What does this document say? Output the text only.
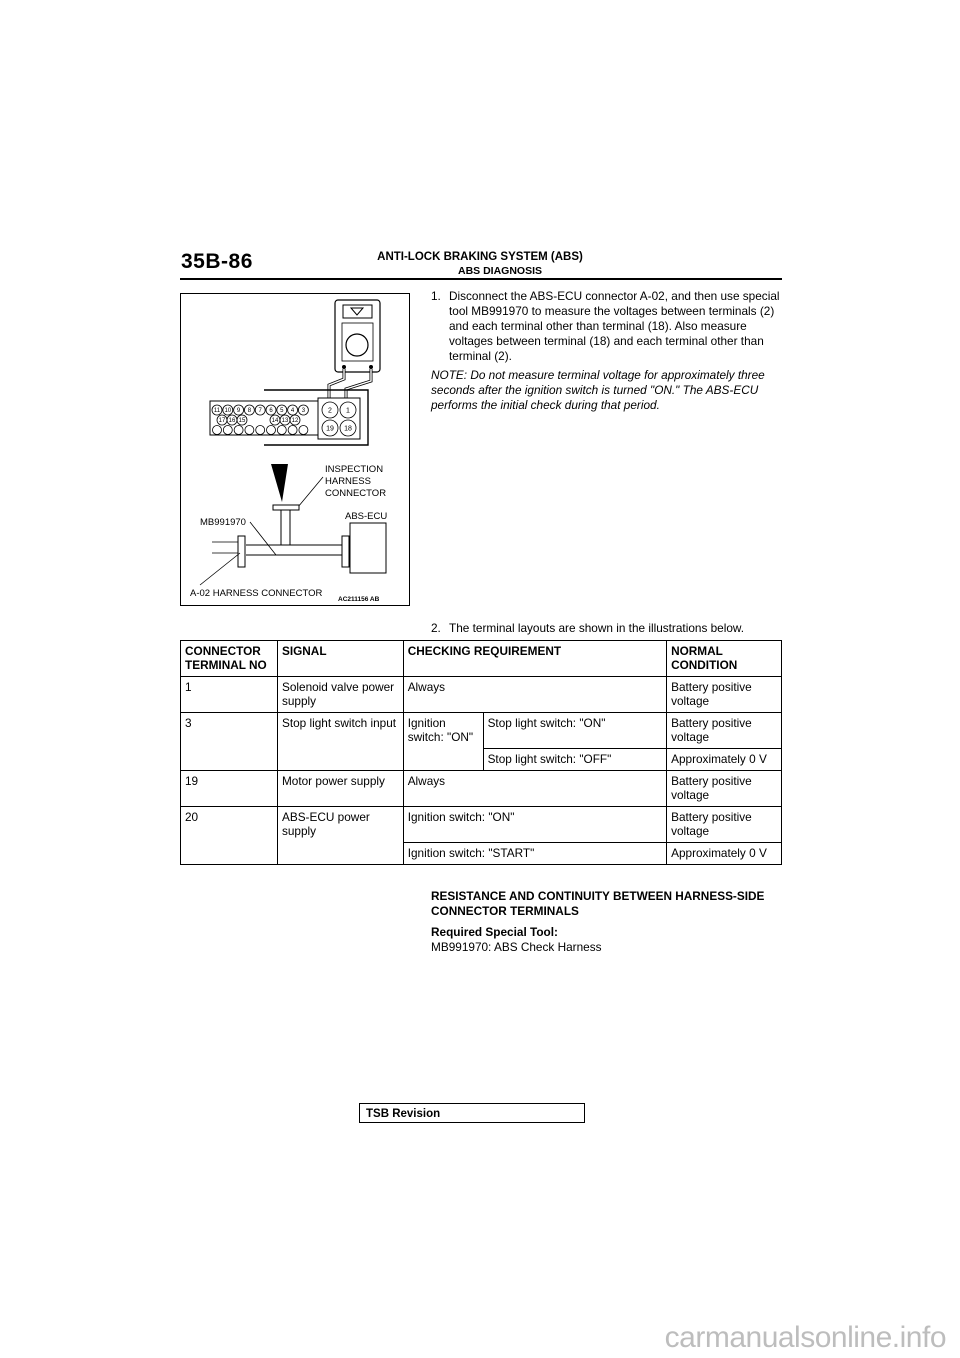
35B-86	ANTI-LOCK BRAKING SYSTEM (ABS)
ABS DIAGNOSIS
11 10 9 8 7 6 5 4 3
17 16 15	14 13 12
2 1
19 18
INSPECTION
HARNESS
CONNECTOR
ABS-ECU
MB991970
A-02 HARNESS CONNECTOR
AC211156 AB
1. Disconnect the ABS-ECU connector A-02, and then use special tool MB991970 to measure the voltages between terminals (2) and each terminal other than terminal (18). Also measure voltages between terminal (18) and each terminal other than terminal (2).

NOTE: Do not measure terminal voltage for approximately three seconds after the ignition switch is turned "ON." The ABS-ECU performs the initial check during that period.

2. The terminal layouts are shown in the illustrations below.
CONNECTOR TERMINAL NO	SIGNAL	CHECKING REQUIREMENT		NORMAL CONDITION
1	Solenoid valve power supply	Always		Battery positive voltage
3	Stop light switch input	Ignition switch: "ON"	Stop light switch: "ON"	Battery positive voltage
			Stop light switch: "OFF"	Approximately 0 V
19	Motor power supply	Always		Battery positive voltage
20	ABS-ECU power supply	Ignition switch: "ON"		Battery positive voltage
		Ignition switch: "START"		Approximately 0 V
RESISTANCE AND CONTINUITY BETWEEN HARNESS-SIDE CONNECTOR TERMINALS
Required Special Tool:
MB991970: ABS Check Harness
TSB Revision
carmanualsonline.info
